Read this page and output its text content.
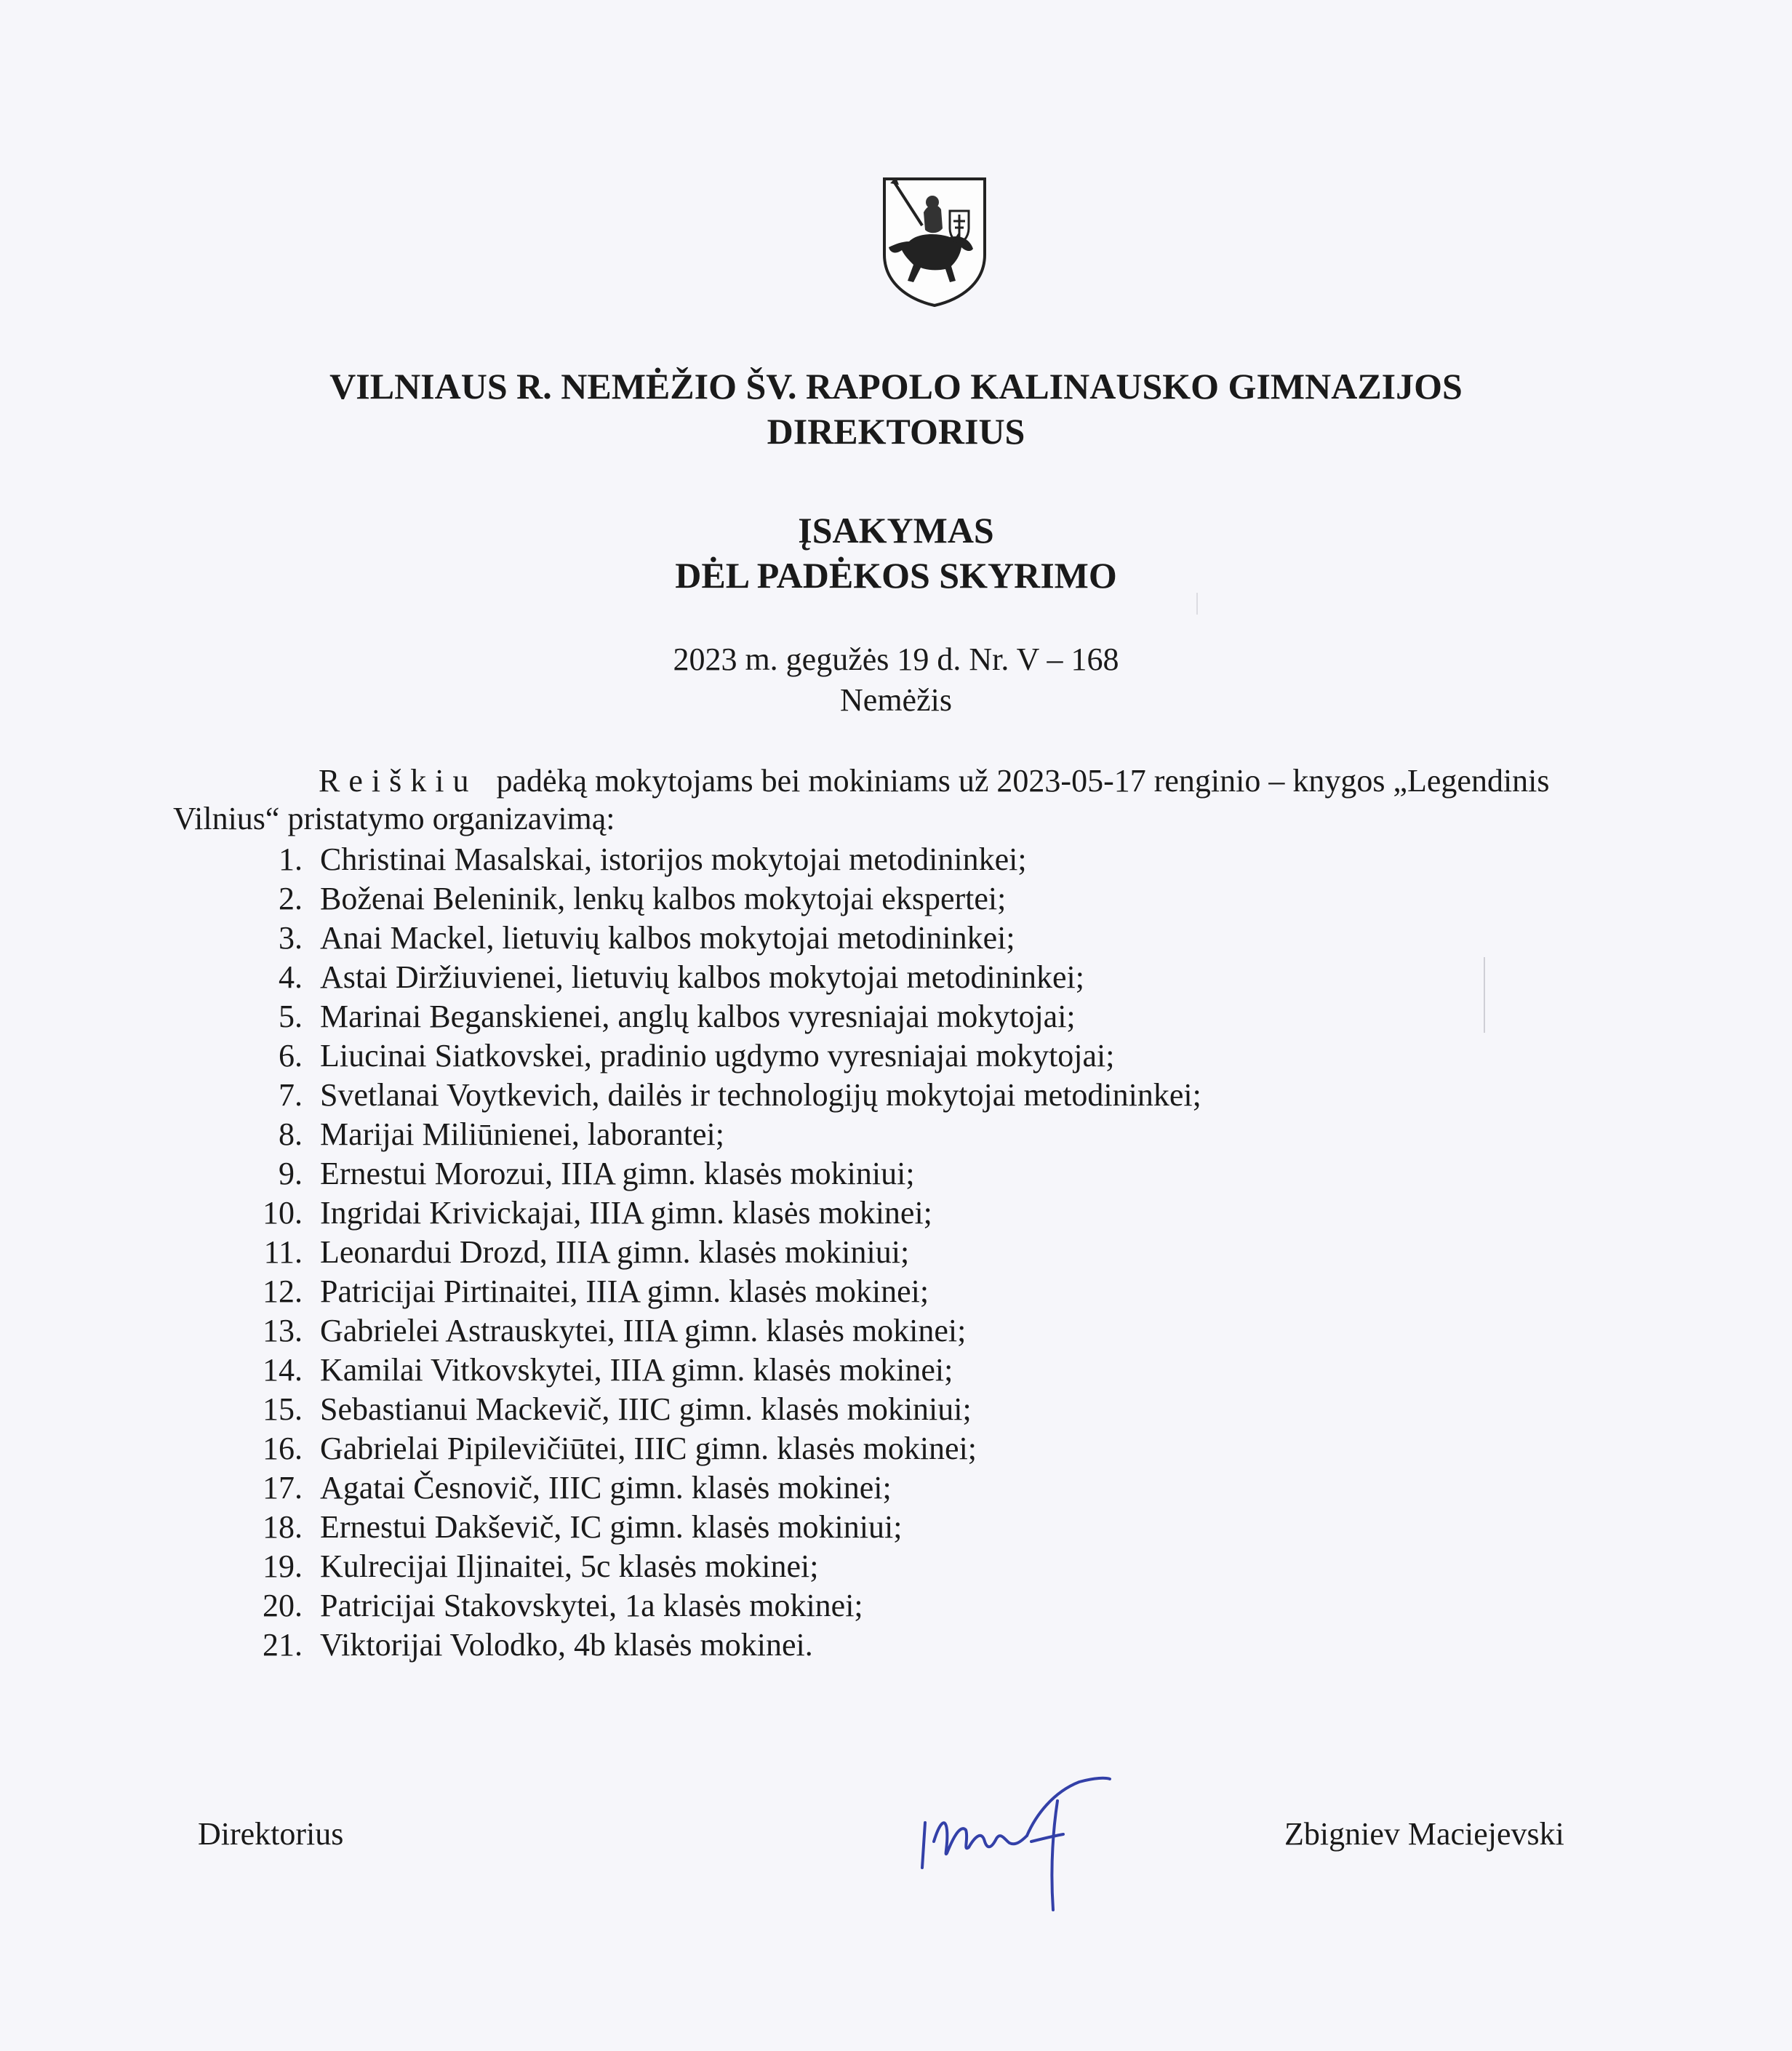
VILNIAUS R. NEMĖŽIO ŠV. RAPOLO KALINAUSKO GIMNAZIJOS
DIREKTORIUS
ĮSAKYMAS
DĖL PADĖKOS SKYRIMO
2023 m. gegužės 19 d. Nr. V – 168
Nemėžis
Reiškiu padėką mokytojams bei mokiniams už 2023-05-17 renginio – knygos „Legendinis
Vilnius“ pristatymo organizavimą:
1. Christinai Masalskai, istorijos mokytojai metodininkei;
2. Boženai Beleninik, lenkų kalbos mokytojai ekspertei;
3. Anai Mackel, lietuvių kalbos mokytojai metodininkei;
4. Astai Diržiuvienei, lietuvių kalbos mokytojai metodininkei;
5. Marinai Beganskienei, anglų kalbos vyresniajai mokytojai;
6. Liucinai Siatkovskei, pradinio ugdymo vyresniajai mokytojai;
7. Svetlanai Voytkevich, dailės ir technologijų mokytojai metodininkei;
8. Marijai Miliūnienei, laborantei;
9. Ernestui Morozui, IIIA gimn. klasės mokiniui;
10. Ingridai Krivickajai, IIIA gimn. klasės mokinei;
11. Leonardui Drozd, IIIA gimn. klasės mokiniui;
12. Patricijai Pirtinaitei, IIIA gimn. klasės mokinei;
13. Gabrielei Astrauskytei, IIIA gimn. klasės mokinei;
14. Kamilai Vitkovskytei, IIIA gimn. klasės mokinei;
15. Sebastianui Mackevič, IIIC gimn. klasės mokiniui;
16. Gabrielai Pipilevičiūtei, IIIC gimn. klasės mokinei;
17. Agatai Česnovič, IIIC gimn. klasės mokinei;
18. Ernestui Dakševič, IC gimn. klasės mokiniui;
19. Kulrecijai Iljinaitei, 5c klasės mokinei;
20. Patricijai Stakovskytei, 1a klasės mokinei;
21. Viktorijai Volodko, 4b klasės mokinei.
Direktorius	Zbigniev Maciejevski
